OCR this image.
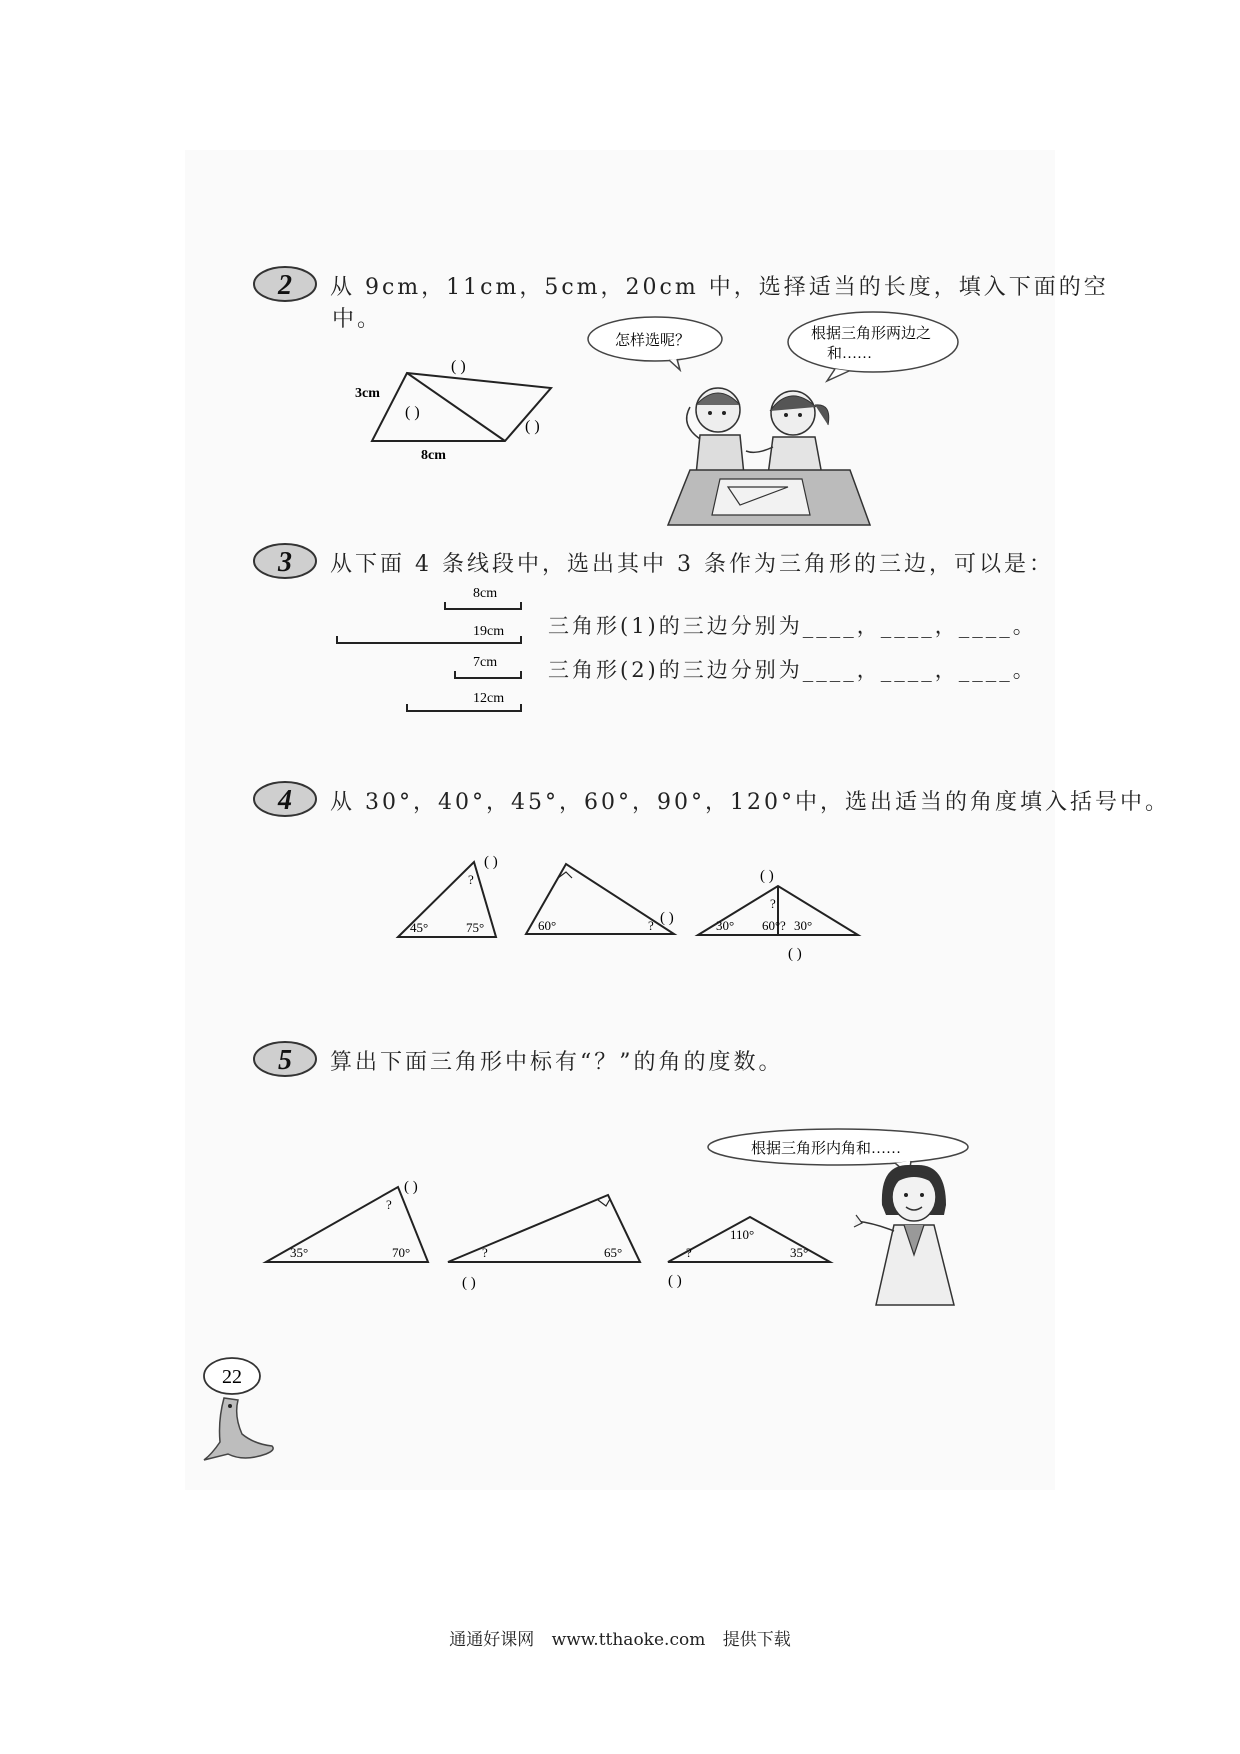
2 从 9cm，11cm，5cm，20cm 中，选择适当的长度，填入下面的空
中。
3cm
8cm
( )
( )
( )
怎样选呢？	根据三角形两边之
和……
3 从下面 4 条线段中，选出其中 3 条作为三角形的三边，可以是：
8cm
19cm
7cm
12cm
三角形(1)的三边分别为____，____，____。
三角形(2)的三边分别为____，____，____。
4 从 30°，40°，45°，60°，90°，120°中，选出适当的角度填入括号中。
45°	75°
?
( )
60°	? ( )	30° 60° 30°
?
?
( )
( )
5 算出下面三角形中标有“？”的角的度数。
根据三角形内角和……
35°	70°
?
( )
?	65°
( )
110°
?	35°
( )
22
通通好课网 www.tthaoke.com 提供下载
